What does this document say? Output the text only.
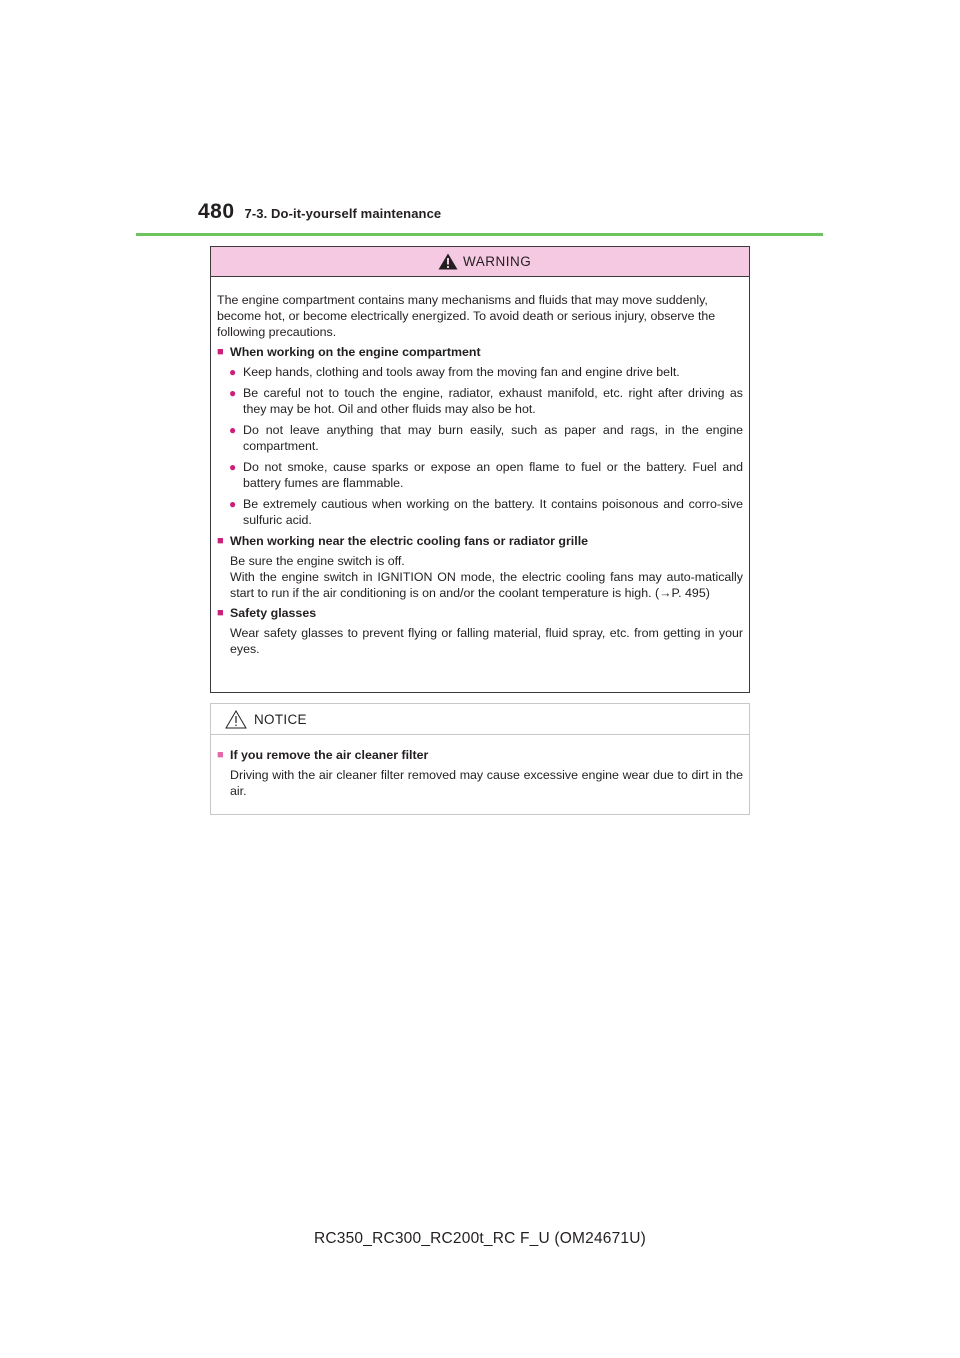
480 7-3. Do-it-yourself maintenance
WARNING

The engine compartment contains many mechanisms and fluids that may move suddenly, become hot, or become electrically energized. To avoid death or serious injury, observe the following precautions.

■ When working on the engine compartment
● Keep hands, clothing and tools away from the moving fan and engine drive belt.
● Be careful not to touch the engine, radiator, exhaust manifold, etc. right after driving as they may be hot. Oil and other fluids may also be hot.
● Do not leave anything that may burn easily, such as paper and rags, in the engine compartment.
● Do not smoke, cause sparks or expose an open flame to fuel or the battery. Fuel and battery fumes are flammable.
● Be extremely cautious when working on the battery. It contains poisonous and corro-sive sulfuric acid.
■ When working near the electric cooling fans or radiator grille
Be sure the engine switch is off.
With the engine switch in IGNITION ON mode, the electric cooling fans may auto-matically start to run if the air conditioning is on and/or the coolant temperature is high. (→P. 495)
■ Safety glasses
Wear safety glasses to prevent flying or falling material, fluid spray, etc. from getting in your eyes.
NOTICE
■ If you remove the air cleaner filter
Driving with the air cleaner filter removed may cause excessive engine wear due to dirt in the air.
RC350_RC300_RC200t_RC F_U (OM24671U)
